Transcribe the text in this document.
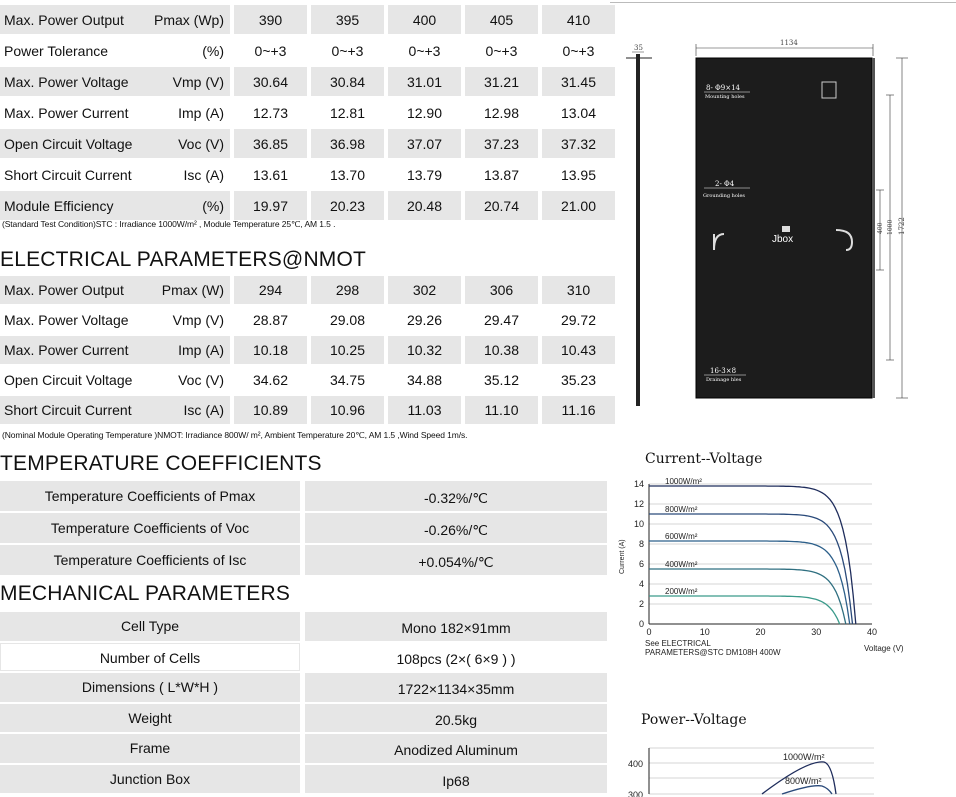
Max. Power Output	Pmax (Wp)	390	395	400	405	410
Power Tolerance	(%)	0~+3	0~+3	0~+3	0~+3	0~+3
Max. Power Voltage	Vmp (V)	30.64	30.84	31.01	31.21	31.45
Max. Power Current	Imp (A)	12.73	12.81	12.90	12.98	13.04
Open Circuit Voltage	Voc (V)	36.85	36.98	37.07	37.23	37.32
Short Circuit Current	Isc (A)	13.61	13.70	13.79	13.87	13.95
Module Efficiency	(%)	19.97	20.23	20.48	20.74	21.00
(Standard Test Condition)STC : Irradiance 1000W/m² , Module Temperature 25℃, AM 1.5 .
ELECTRICAL PARAMETERS@NMOT
Max. Power Output	Pmax (W)	294	298	302	306	310
Max. Power Voltage	Vmp (V)	28.87	29.08	29.26	29.47	29.72
Max. Power Current	Imp (A)	10.18	10.25	10.32	10.38	10.43
Open Circuit Voltage	Voc (V)	34.62	34.75	34.88	35.12	35.23
Short Circuit Current	Isc (A)	10.89	10.96	11.03	11.10	11.16
(Nominal Module Operating Temperature )NMOT: Irradiance 800W/ m², Ambient Temperature 20℃, AM 1.5 ,Wind Speed 1m/s.
TEMPERATURE COEFFICIENTS
Temperature Coefficients of Pmax	-0.32%/℃
Temperature Coefficients of Voc	-0.26%/℃
Temperature Coefficients of Isc	+0.054%/℃
MECHANICAL PARAMETERS
Cell Type	Mono 182×91mm
Number of Cells	108pcs (2×( 6×9 ) )
Dimensions ( L*W*H )	1722×1134×35mm
Weight	20.5kg
Frame	Anodized Aluminum
Junction Box	Ip68
35
1134
1722
1000
400
8- Φ9×14
Mounting holes
2- Φ4
Grounding holes
Jbox
16-3×8
Drainage hles
Current--Voltage
0
2
4
6
8
10
12
14
0	10	20	30	40
1000W/m²
800W/m²
600W/m²
400W/m²
200W/m²
Current (A)
Voltage (V)
See ELECTRICAL
PARAMETERS@STC DM108H 400W
Power--Voltage
300
400
1000W/m²
800W/m²
